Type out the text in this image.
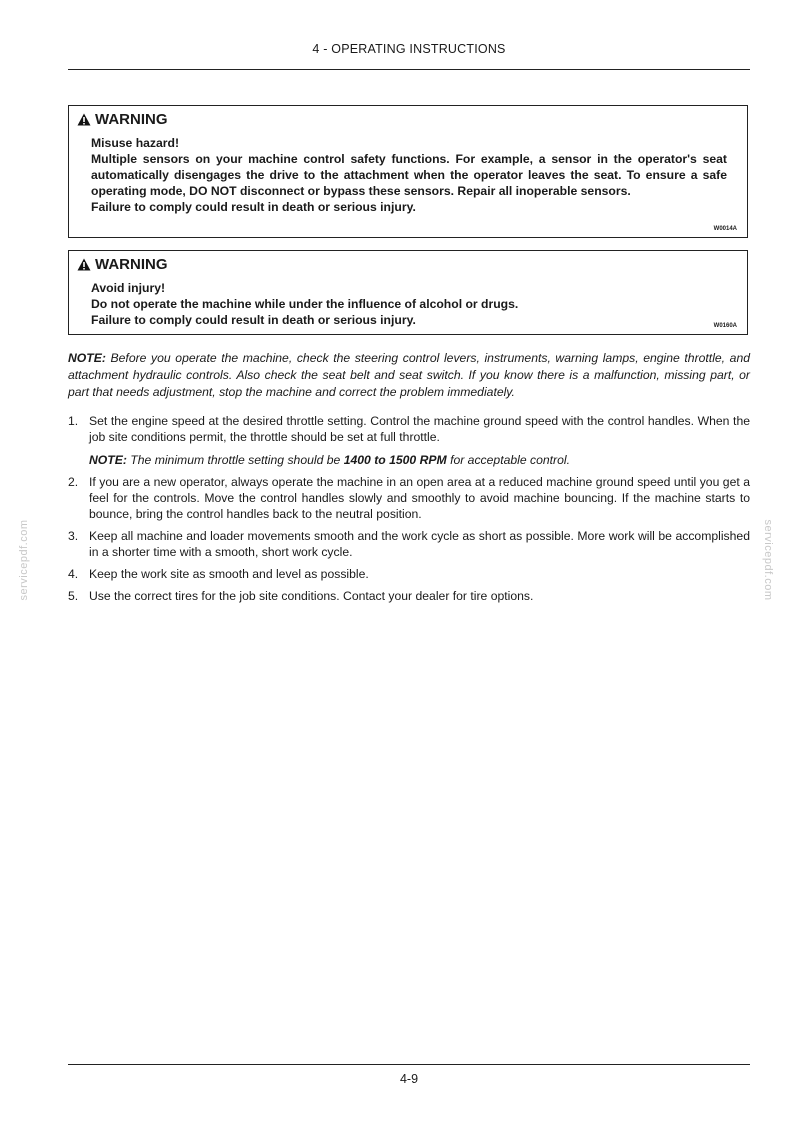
4 - OPERATING INSTRUCTIONS
WARNING
Misuse hazard!
Multiple sensors on your machine control safety functions. For example, a sensor in the operator's seat automatically disengages the drive to the attachment when the operator leaves the seat. To ensure a safe operating mode, DO NOT disconnect or bypass these sensors. Repair all inoperable sensors.
Failure to comply could result in death or serious injury.
W0014A
WARNING
Avoid injury!
Do not operate the machine while under the influence of alcohol or drugs.
Failure to comply could result in death or serious injury.	W0160A
NOTE: Before you operate the machine, check the steering control levers, instruments, warning lamps, engine throttle, and attachment hydraulic controls. Also check the seat belt and seat switch. If you know there is a malfunction, missing part, or part that needs adjustment, stop the machine and correct the problem immediately.
1. Set the engine speed at the desired throttle setting. Control the machine ground speed with the control handles. When the job site conditions permit, the throttle should be set at full throttle.
NOTE: The minimum throttle setting should be 1400 to 1500 RPM for acceptable control.
2. If you are a new operator, always operate the machine in an open area at a reduced machine ground speed until you get a feel for the controls. Move the control handles slowly and smoothly to avoid machine bouncing. If the machine starts to bounce, bring the control handles back to the neutral position.
3. Keep all machine and loader movements smooth and the work cycle as short as possible. More work will be accomplished in a shorter time with a smooth, short work cycle.
4. Keep the work site as smooth and level as possible.
5. Use the correct tires for the job site conditions. Contact your dealer for tire options.
servicepdf.com	servicepdf.com
4-9
